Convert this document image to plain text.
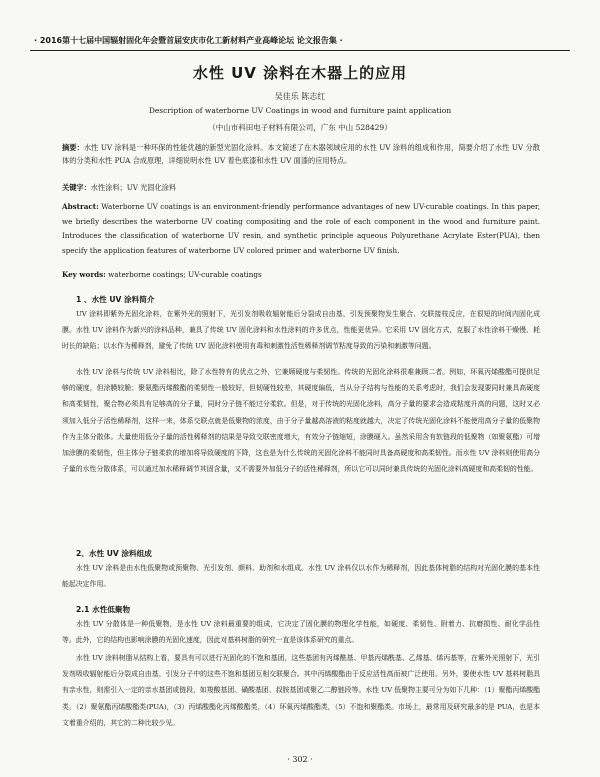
· 2016第十七届中国辐射固化年会暨首届安庆市化工新材料产业高峰论坛 论文报告集 ·
水性 UV 涂料在木器上的应用
吴佳乐 陈志红
Description of waterborne UV Coatings in wood and furniture paint application
（中山市科田电子材料有限公司，广东 中山 528429）
摘要：水性 UV 涂料是一种环保的性能优越的新型光固化涂料。本文简述了在木器领域应用的水性 UV 涂料的组成和作用，简要介绍了水性 UV 分散体的分类和水性 PUA 合成原理，详细说明水性 UV 着色底漆和水性 UV 面漆的应用特点。
关键字：水性涂料；UV 光固化涂料
Abstract: Waterborne UV coatings is an environment-friendly performance advantages of new UV-curable coatings. In this paper, we briefly describes the waterborne UV coating compositing and the role of each component in the wood and furniture paint. Introduces the classification of waterborne UV resin, and synthetic principle aqueous Polyurethane Acrylate Ester(PUA), then specify the application features of waterborne UV colored primer and waterborne UV finish.
Key words: waterborne coatings; UV-curable coatings
1 、水性 UV 涂料简介
UV 涂料即紫外光固化涂料，在紫外光的照射下，光引发剂吸收辐射能后分裂成自由基，引发预聚物发生聚合、交联接枝反应，在很短的时间内固化成膜。水性 UV 涂料作为新兴的涂料品种，兼具了传统 UV 固化涂料和水性涂料的许多优点，性能更优异。它采用 UV 固化方式，克服了水性涂料干燥慢、耗时长的缺陷；以水作为稀释剂，避免了传统 UV 固化涂料使用有毒和刺激性活性稀释剂调节粘度导致的污染和刺激等问题。
水性 UV 涂料与传统 UV 涂料相比，除了水性特有的优点之外，它兼顾硬度与柔韧性。传统的光固化涂料很难兼顾二者。例如，环氧丙烯酸酯可提供足够的硬度，但涂膜较脆；聚氨酯丙烯酸酯的柔韧性一般较好，但韧硬性较差，其硬度偏低，当从分子结构与性能的关系考虑时，我们会发现要同时兼具高硬度和高柔韧性，聚合物必须具有足够高的分子量，同时分子链不能过分柔软。但是，对于传统的光固化涂料，高分子量的要求会造成粘度升高的问题，这时又必须加入低分子活性稀释剂，这样一来，体系交联点就是低聚物的浓度，由于分子量越高溶液的粘度就越大，决定了传统光固化涂料不能使用高分子量的低聚物作为主体分散体。大量使用低分子量的活性稀释剂的结果是导致交联密度增大，有效分子链缩短，涂膜硬入。虽然采用含有软链段的低聚物（如聚氨酯）可增加涂膜的柔韧性，但主体分子链柔软的增加将导致硬度的下降，这也是为什么传统的光固化涂料不能同时具备高硬度和高柔韧性。而水性 UV 涂料则使用高分子量的水性分散体系，可以通过加水稀释调节其固含量，又不需要外加低分子的活性稀释剂，所以它可以同时兼具传统的光固化涂料高硬度和高柔韧的性能。
2、水性 UV 涂料组成
水性 UV 涂料是由水性低聚物或预聚物、光引发剂、颜料、助剂和水组成。水性 UV 涂料仅以水作为稀释剂，因此基体树脂的结构对光固化膜的基本性能起决定作用。
2.1 水性低聚物
水性 UV 分散体是一种低聚物，是水性 UV 涂料最重要的组成，它决定了固化膜的物理化学性能，如硬度、柔韧性、附着力、抗磨损性、耐化学品性等。此外，它的结构也影响涂膜的光固化速度，因此对基料树脂的研究一直是该体系研究的重点。
水性 UV 涂料树脂从结构上看，要具有可以进行光固化的不饱和基团，这些基团有丙烯酰基、甲基丙烯酰基、乙烯基、烯丙基等，在紫外光照射下，光引发剂吸收辐射能后分裂成自由基，引发分子中的这些不饱和基团互相交联聚合。其中丙烯酸酯由于反应活性高而被广泛使用。另外，要使水性 UV 基料树脂具有亲水性，则需引入一定的亲水基团或链段，如羧酸基团、磺酸基团、叔胺基团或聚乙二醇链段等。水性 UV 低聚物主要可分为如下几种：（1）聚酯丙烯酸酯类，（2）聚氨酯丙烯酸酯类(PUA)，（3）丙烯酸酯化丙烯酸酯类，（4）环氧丙烯酸酯类，（5）不饱和聚酯类。市场上，最常用及研究最多的是 PUA，也是本文着重介绍的，其它的二种比较少见。
· 302 ·
